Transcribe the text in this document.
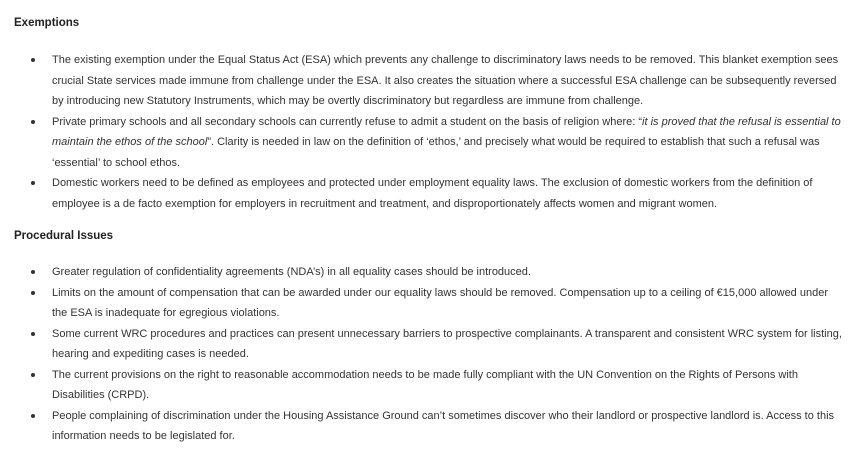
Exemptions
The existing exemption under the Equal Status Act (ESA) which prevents any challenge to discriminatory laws needs to be removed. This blanket exemption sees crucial State services made immune from challenge under the ESA. It also creates the situation where a successful ESA challenge can be subsequently reversed by introducing new Statutory Instruments, which may be overtly discriminatory but regardless are immune from challenge.
Private primary schools and all secondary schools can currently refuse to admit a student on the basis of religion where: “it is proved that the refusal is essential to maintain the ethos of the school”. Clarity is needed in law on the definition of ‘ethos,’ and precisely what would be required to establish that such a refusal was ‘essential’ to school ethos.
Domestic workers need to be defined as employees and protected under employment equality laws. The exclusion of domestic workers from the definition of employee is a de facto exemption for employers in recruitment and treatment, and disproportionately affects women and migrant women.
Procedural Issues
Greater regulation of confidentiality agreements (NDA’s) in all equality cases should be introduced.
Limits on the amount of compensation that can be awarded under our equality laws should be removed. Compensation up to a ceiling of €15,000 allowed under the ESA is inadequate for egregious violations.
Some current WRC procedures and practices can present unnecessary barriers to prospective complainants. A transparent and consistent WRC system for listing, hearing and expediting cases is needed.
The current provisions on the right to reasonable accommodation needs to be made fully compliant with the UN Convention on the Rights of Persons with Disabilities (CRPD).
People complaining of discrimination under the Housing Assistance Ground can’t sometimes discover who their landlord or prospective landlord is. Access to this information needs to be legislated for.
